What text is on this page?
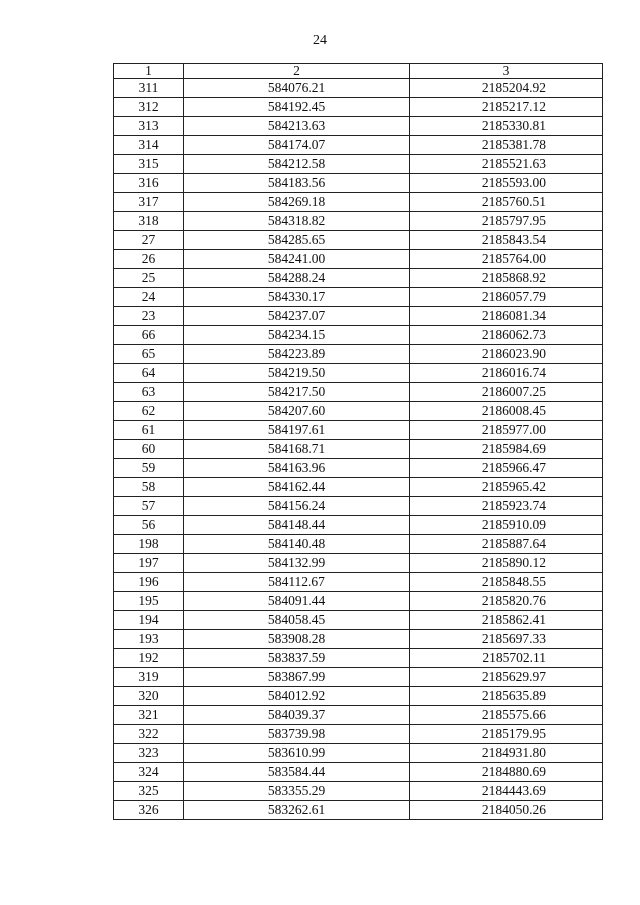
24
1	2	3
311	584076.21	2185204.92
312	584192.45	2185217.12
313	584213.63	2185330.81
314	584174.07	2185381.78
315	584212.58	2185521.63
316	584183.56	2185593.00
317	584269.18	2185760.51
318	584318.82	2185797.95
27	584285.65	2185843.54
26	584241.00	2185764.00
25	584288.24	2185868.92
24	584330.17	2186057.79
23	584237.07	2186081.34
66	584234.15	2186062.73
65	584223.89	2186023.90
64	584219.50	2186016.74
63	584217.50	2186007.25
62	584207.60	2186008.45
61	584197.61	2185977.00
60	584168.71	2185984.69
59	584163.96	2185966.47
58	584162.44	2185965.42
57	584156.24	2185923.74
56	584148.44	2185910.09
198	584140.48	2185887.64
197	584132.99	2185890.12
196	584112.67	2185848.55
195	584091.44	2185820.76
194	584058.45	2185862.41
193	583908.28	2185697.33
192	583837.59	2185702.11
319	583867.99	2185629.97
320	584012.92	2185635.89
321	584039.37	2185575.66
322	583739.98	2185179.95
323	583610.99	2184931.80
324	583584.44	2184880.69
325	583355.29	2184443.69
326	583262.61	2184050.26
